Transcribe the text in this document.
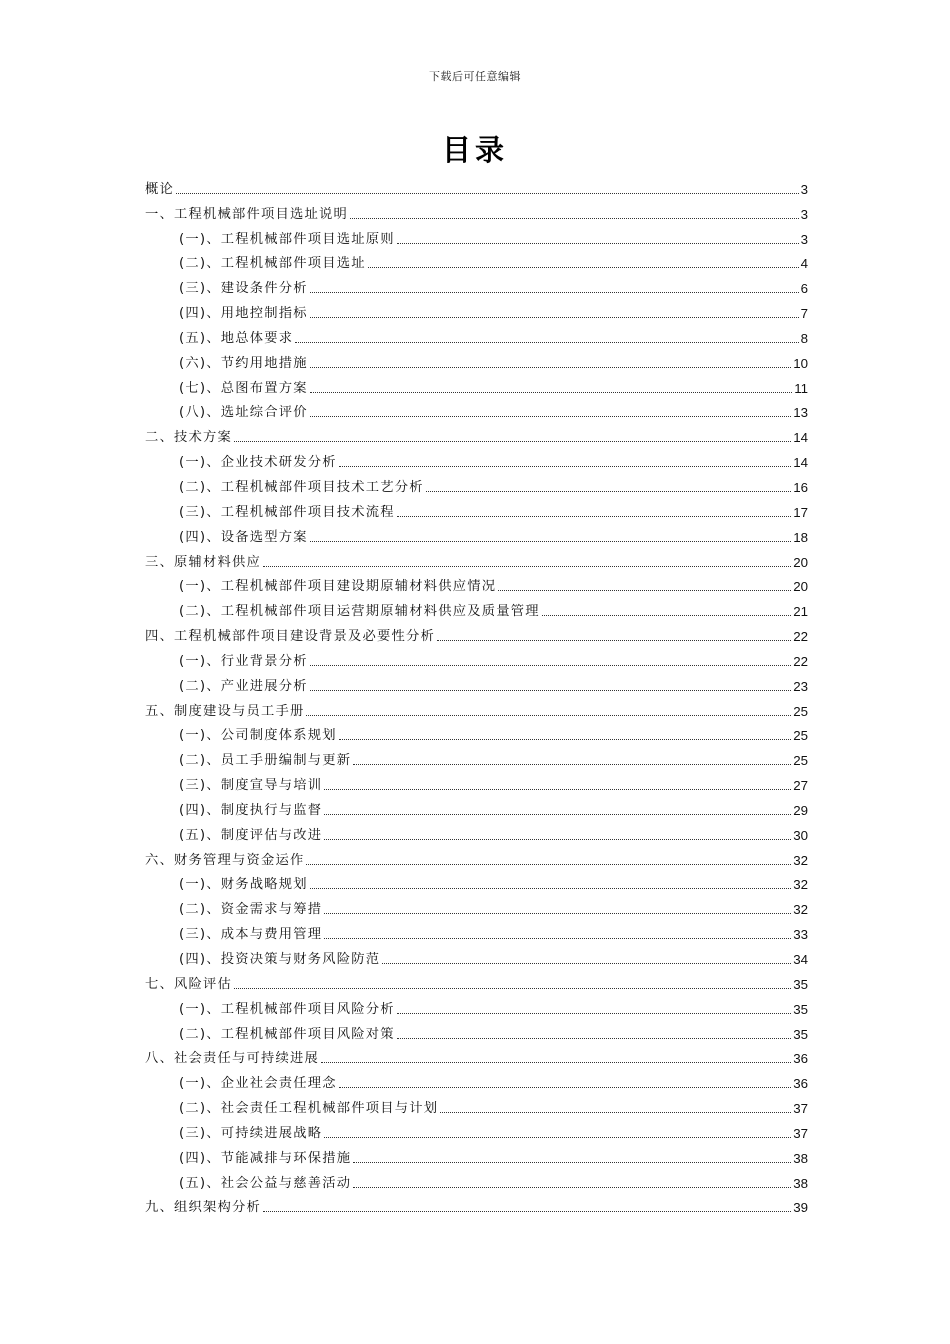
下载后可任意编辑
目录
概论	3
一、工程机械部件项目选址说明	3
(一)、工程机械部件项目选址原则	3
(二)、工程机械部件项目选址	4
(三)、建设条件分析	6
(四)、用地控制指标	7
(五)、地总体要求	8
(六)、节约用地措施	10
(七)、总图布置方案	11
(八)、选址综合评价	13
二、技术方案	14
(一)、企业技术研发分析	14
(二)、工程机械部件项目技术工艺分析	16
(三)、工程机械部件项目技术流程	17
(四)、设备选型方案	18
三、原辅材料供应	20
(一)、工程机械部件项目建设期原辅材料供应情况	20
(二)、工程机械部件项目运营期原辅材料供应及质量管理	21
四、工程机械部件项目建设背景及必要性分析	22
(一)、行业背景分析	22
(二)、产业进展分析	23
五、制度建设与员工手册	25
(一)、公司制度体系规划	25
(二)、员工手册编制与更新	25
(三)、制度宣导与培训	27
(四)、制度执行与监督	29
(五)、制度评估与改进	30
六、财务管理与资金运作	32
(一)、财务战略规划	32
(二)、资金需求与筹措	32
(三)、成本与费用管理	33
(四)、投资决策与财务风险防范	34
七、风险评估	35
(一)、工程机械部件项目风险分析	35
(二)、工程机械部件项目风险对策	35
八、社会责任与可持续进展	36
(一)、企业社会责任理念	36
(二)、社会责任工程机械部件项目与计划	37
(三)、可持续进展战略	37
(四)、节能减排与环保措施	38
(五)、社会公益与慈善活动	38
九、组织架构分析	39
